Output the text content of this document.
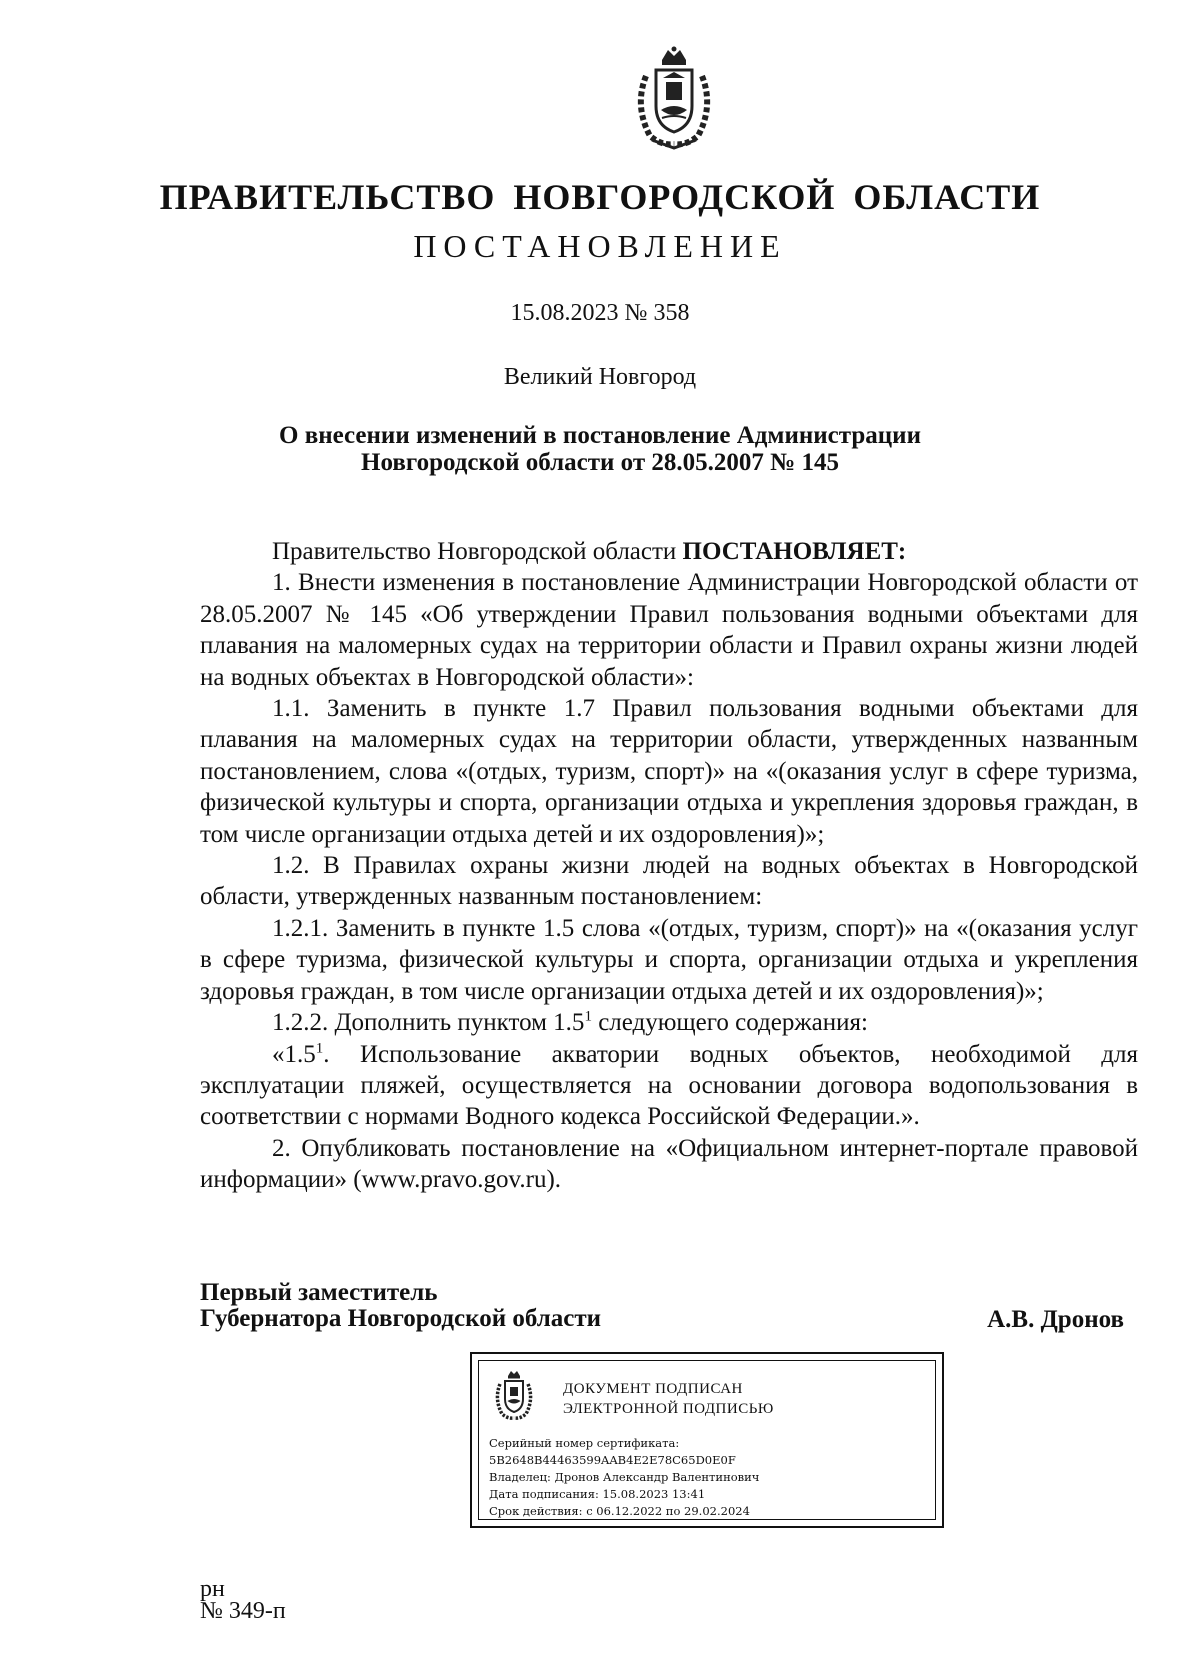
ПРАВИТЕЛЬСТВО НОВГОРОДСКОЙ ОБЛАСТИ
ПОСТАНОВЛЕНИЕ
15.08.2023 № 358
Великий Новгород
О внесении изменений в постановление Администрации
Новгородской области от 28.05.2007 № 145

Правительство Новгородской области ПОСТАНОВЛЯЕТ:

1. Внести изменения в постановление Администрации Новгородской области от 28.05.2007 № 145 «Об утверждении Правил пользования водными объектами для плавания на маломерных судах на территории области и Правил охраны жизни людей на водных объектах в Новгородской области»:

1.1. Заменить в пункте 1.7 Правил пользования водными объектами для плавания на маломерных судах на территории области, утвержденных названным постановлением, слова «(отдых, туризм, спорт)» на «(оказания услуг в сфере туризма, физической культуры и спорта, организации отдыха и укрепления здоровья граждан, в том числе организации отдыха детей и их оздоровления)»;

1.2. В Правилах охраны жизни людей на водных объектах в Новгородской области, утвержденных названным постановлением:

1.2.1. Заменить в пункте 1.5 слова «(отдых, туризм, спорт)» на «(оказания услуг в сфере туризма, физической культуры и спорта, организации отдыха и укрепления здоровья граждан, в том числе организации отдыха детей и их оздоровления)»;

1.2.2. Дополнить пунктом $1.5^1$ следующего содержания:

«$1.5^1$. Использование акватории водных объектов, необходимой для эксплуатации пляжей, осуществляется на основании договора водопользования в соответствии с нормами Водного кодекса Российской Федерации.».

2. Опубликовать постановление на «Официальном интернет-портале правовой информации» (www.pravo.gov.ru).

Первый заместитель
Губернатора Новгородской области	А.В. Дронов
ДОКУМЕНТ ПОДПИСАН
ЭЛЕКТРОННОЙ ПОДПИСЬЮ
Серийный номер сертификата:
5B2648B44463599AAB4E2E78C65D0E0F
Владелец: Дронов Александр Валентинович
Дата подписания: 15.08.2023 13:41
Срок действия: с 06.12.2022 по 29.02.2024
рн
№ 349-п
